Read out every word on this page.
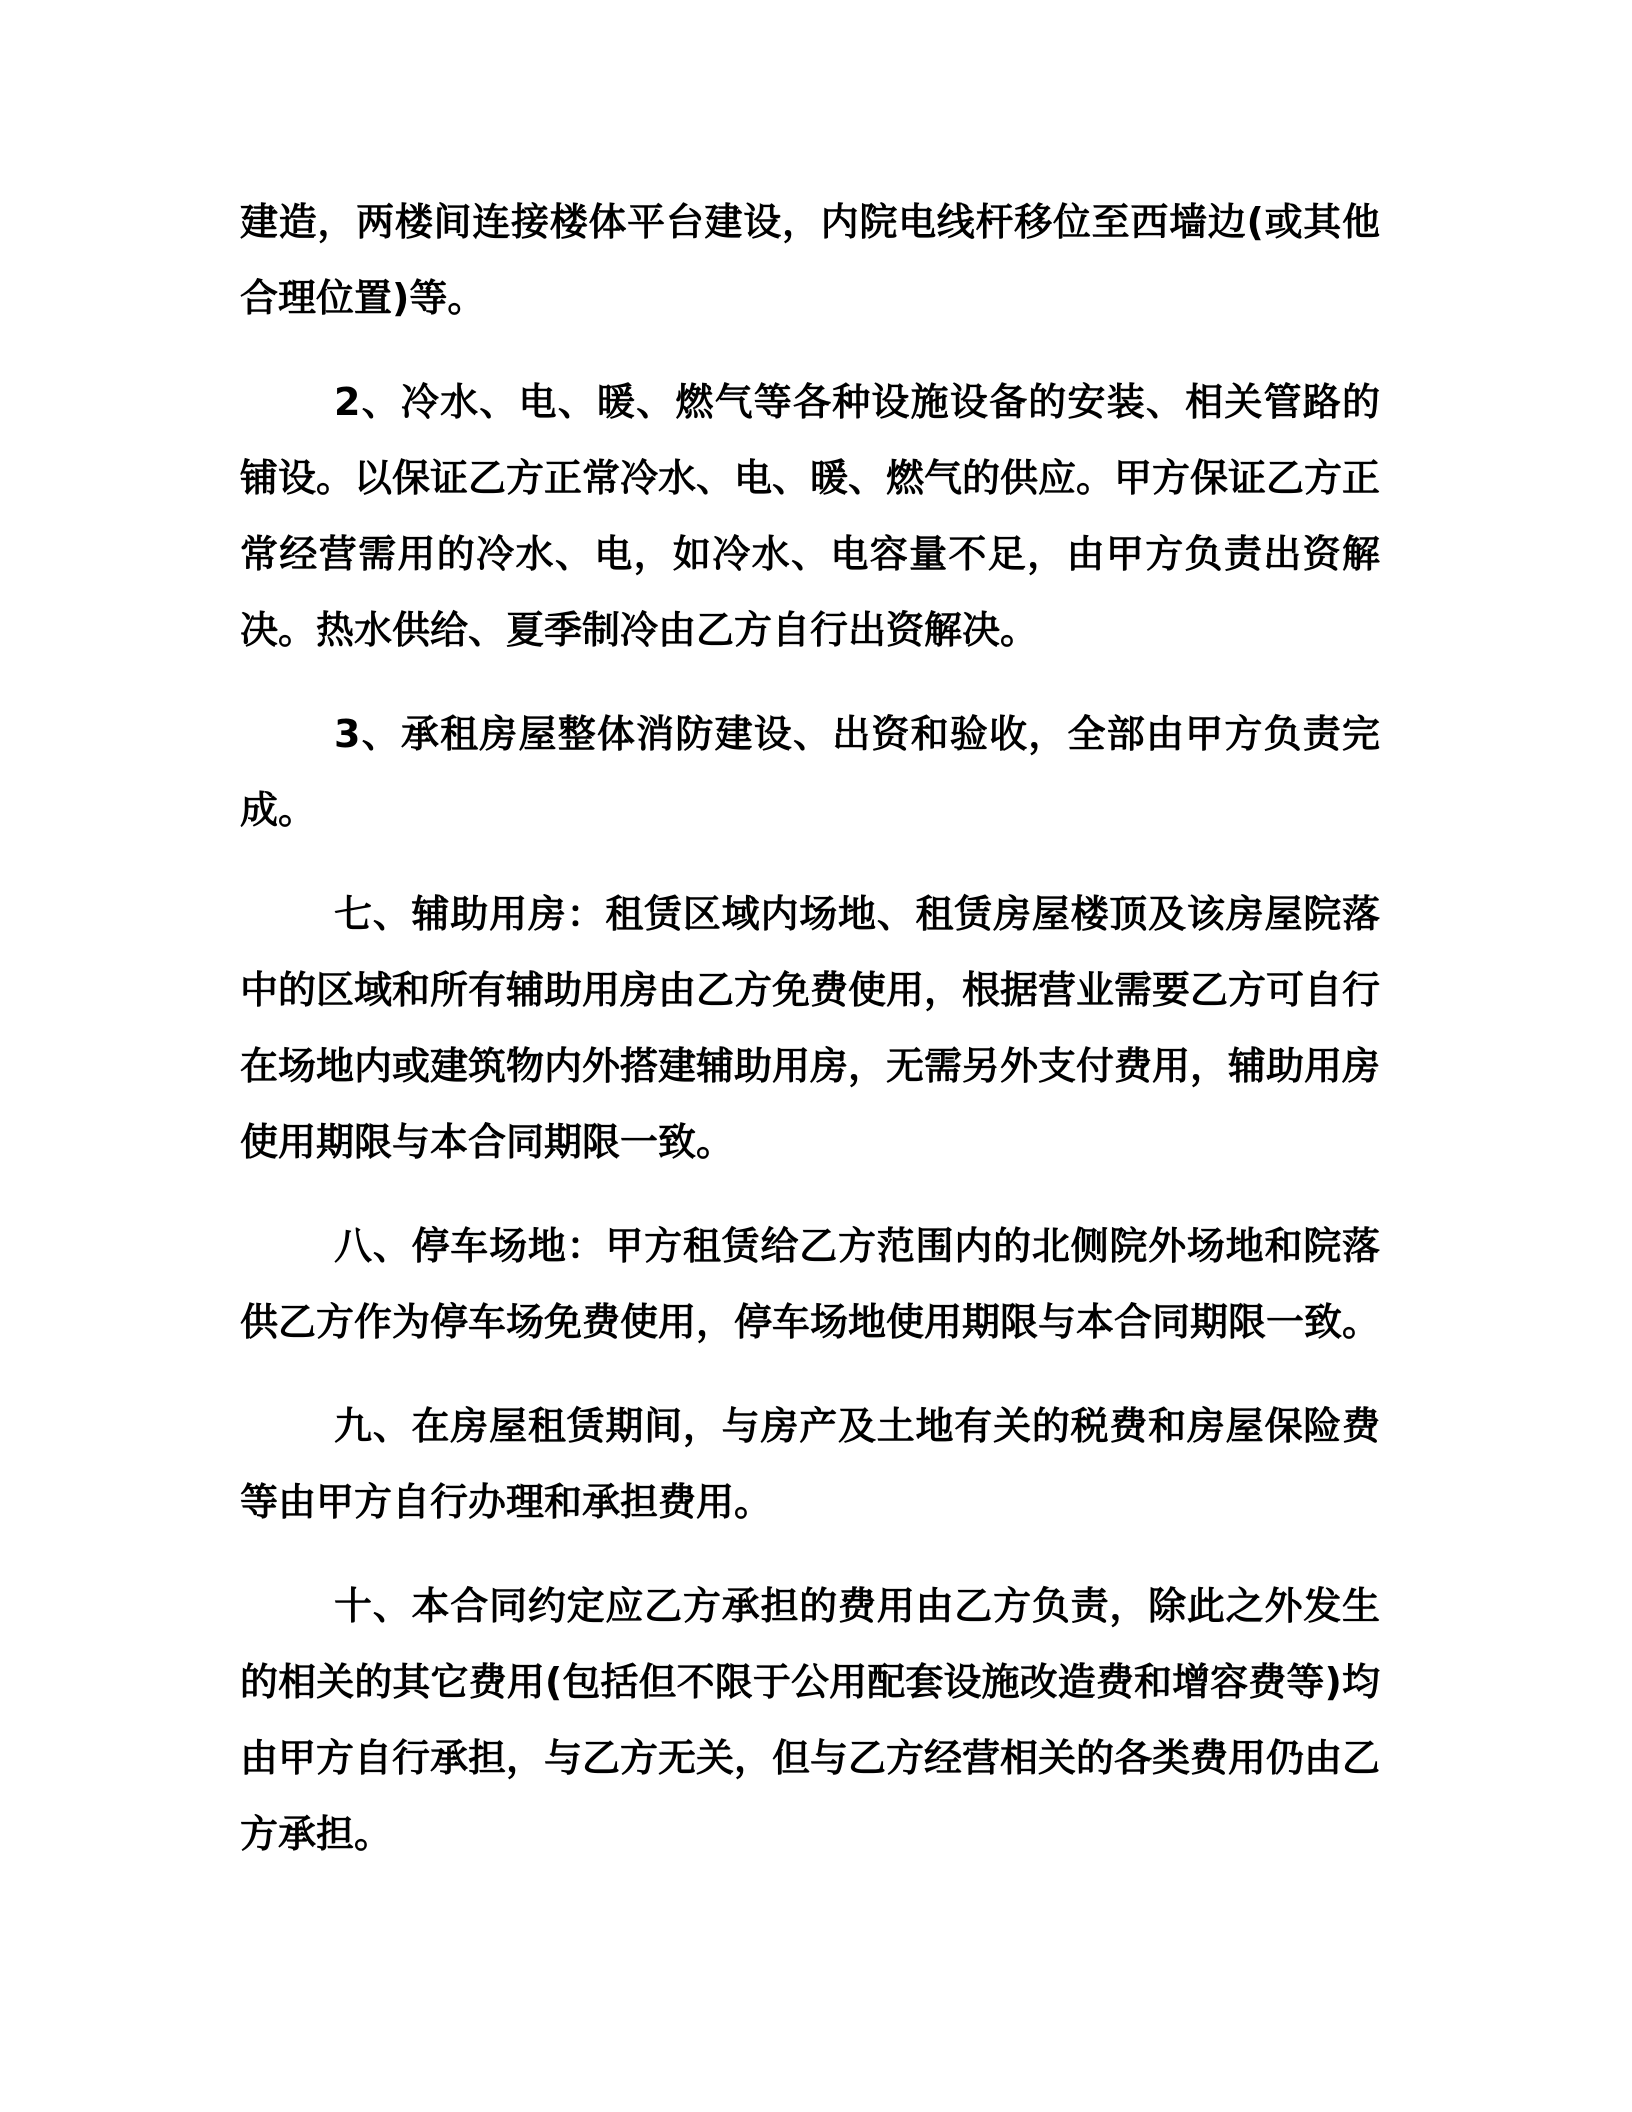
建造，两楼间连接楼体平台建设，内院电线杆移位至西墙边(或其他合理位置)等。

2、冷水、电、暖、燃气等各种设施设备的安装、相关管路的铺设。以保证乙方正常冷水、电、暖、燃气的供应。甲方保证乙方正常经营需用的冷水、电，如冷水、电容量不足，由甲方负责出资解决。热水供给、夏季制冷由乙方自行出资解决。

3、承租房屋整体消防建设、出资和验收，全部由甲方负责完成。

七、辅助用房：租赁区域内场地、租赁房屋楼顶及该房屋院落中的区域和所有辅助用房由乙方免费使用，根据营业需要乙方可自行在场地内或建筑物内外搭建辅助用房，无需另外支付费用，辅助用房使用期限与本合同期限一致。

八、停车场地：甲方租赁给乙方范围内的北侧院外场地和院落供乙方作为停车场免费使用，停车场地使用期限与本合同期限一致。

九、在房屋租赁期间，与房产及土地有关的税费和房屋保险费等由甲方自行办理和承担费用。

十、本合同约定应乙方承担的费用由乙方负责，除此之外发生的相关的其它费用(包括但不限于公用配套设施改造费和增容费等)均由甲方自行承担，与乙方无关，但与乙方经营相关的各类费用仍由乙方承担。
